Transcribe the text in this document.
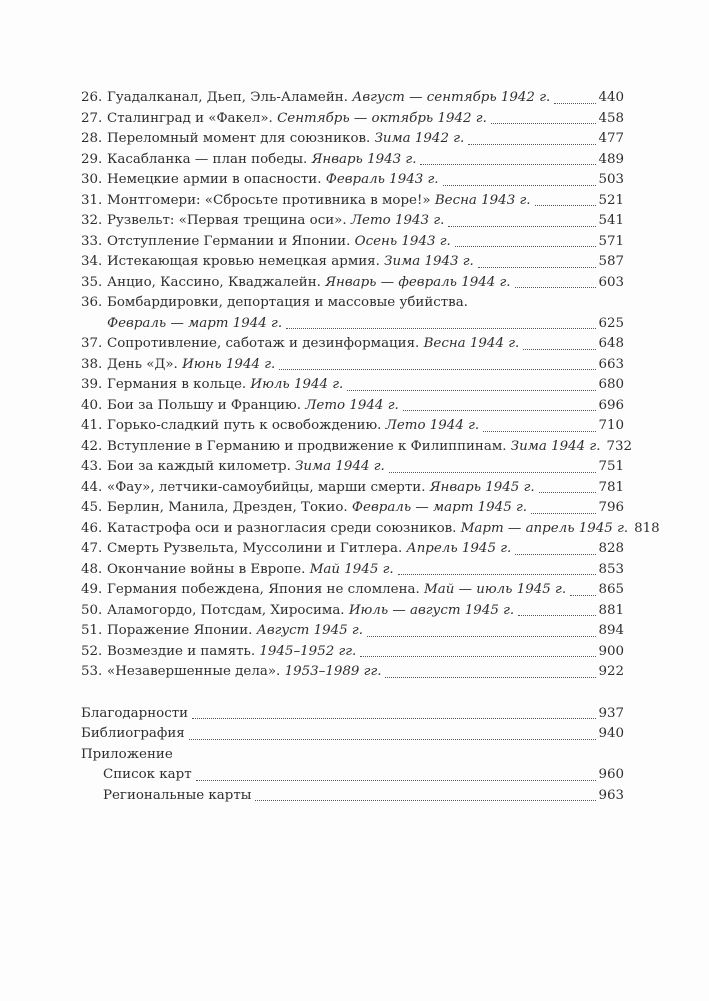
26. Гуадалканал, Дьеп, Эль-Аламейн. Август — сентябрь 1942 г.	440
27. Сталинград и «Факел». Сентябрь — октябрь 1942 г.	458
28. Переломный момент для союзников. Зима 1942 г.	477
29. Касабланка — план победы. Январь 1943 г.	489
30. Немецкие армии в опасности. Февраль 1943 г.	503
31. Монтгомери: «Сбросьте противника в море!» Весна 1943 г.	521
32. Рузвельт: «Первая трещина оси». Лето 1943 г.	541
33. Отступление Германии и Японии. Осень 1943 г.	571
34. Истекающая кровью немецкая армия. Зима 1943 г.	587
35. Анцио, Кассино, Кваджалейн. Январь — февраль 1944 г.	603
36. Бомбардировки, депортация и массовые убийства.
Февраль — март 1944 г.	625
37. Сопротивление, саботаж и дезинформация. Весна 1944 г.	648
38. День «Д». Июнь 1944 г.	663
39. Германия в кольце. Июль 1944 г.	680
40. Бои за Польшу и Францию. Лето 1944 г.	696
41. Горько-сладкий путь к освобождению. Лето 1944 г.	710
42. Вступление в Германию и продвижение к Филиппинам. Зима 1944 г. 732
43. Бои за каждый километр. Зима 1944 г.	751
44. «Фау», летчики-самоубийцы, марши смерти. Январь 1945 г.	781
45. Берлин, Манила, Дрезден, Токио. Февраль — март 1945 г.	796
46. Катастрофа оси и разногласия среди союзников. Март — апрель 1945 г. 818
47. Смерть Рузвельта, Муссолини и Гитлера. Апрель 1945 г.	828
48. Окончание войны в Европе. Май 1945 г.	853
49. Германия побеждена, Япония не сломлена. Май — июль 1945 г. 865
50. Аламогордо, Потсдам, Хиросима. Июль — август 1945 г.	881
51. Поражение Японии. Август 1945 г.	894
52. Возмездие и память. 1945–1952 гг.	900
53. «Незавершенные дела». 1953–1989 гг.	922
Благодарности	937
Библиография	940
Приложение
Список карт	960
Региональные карты	963
